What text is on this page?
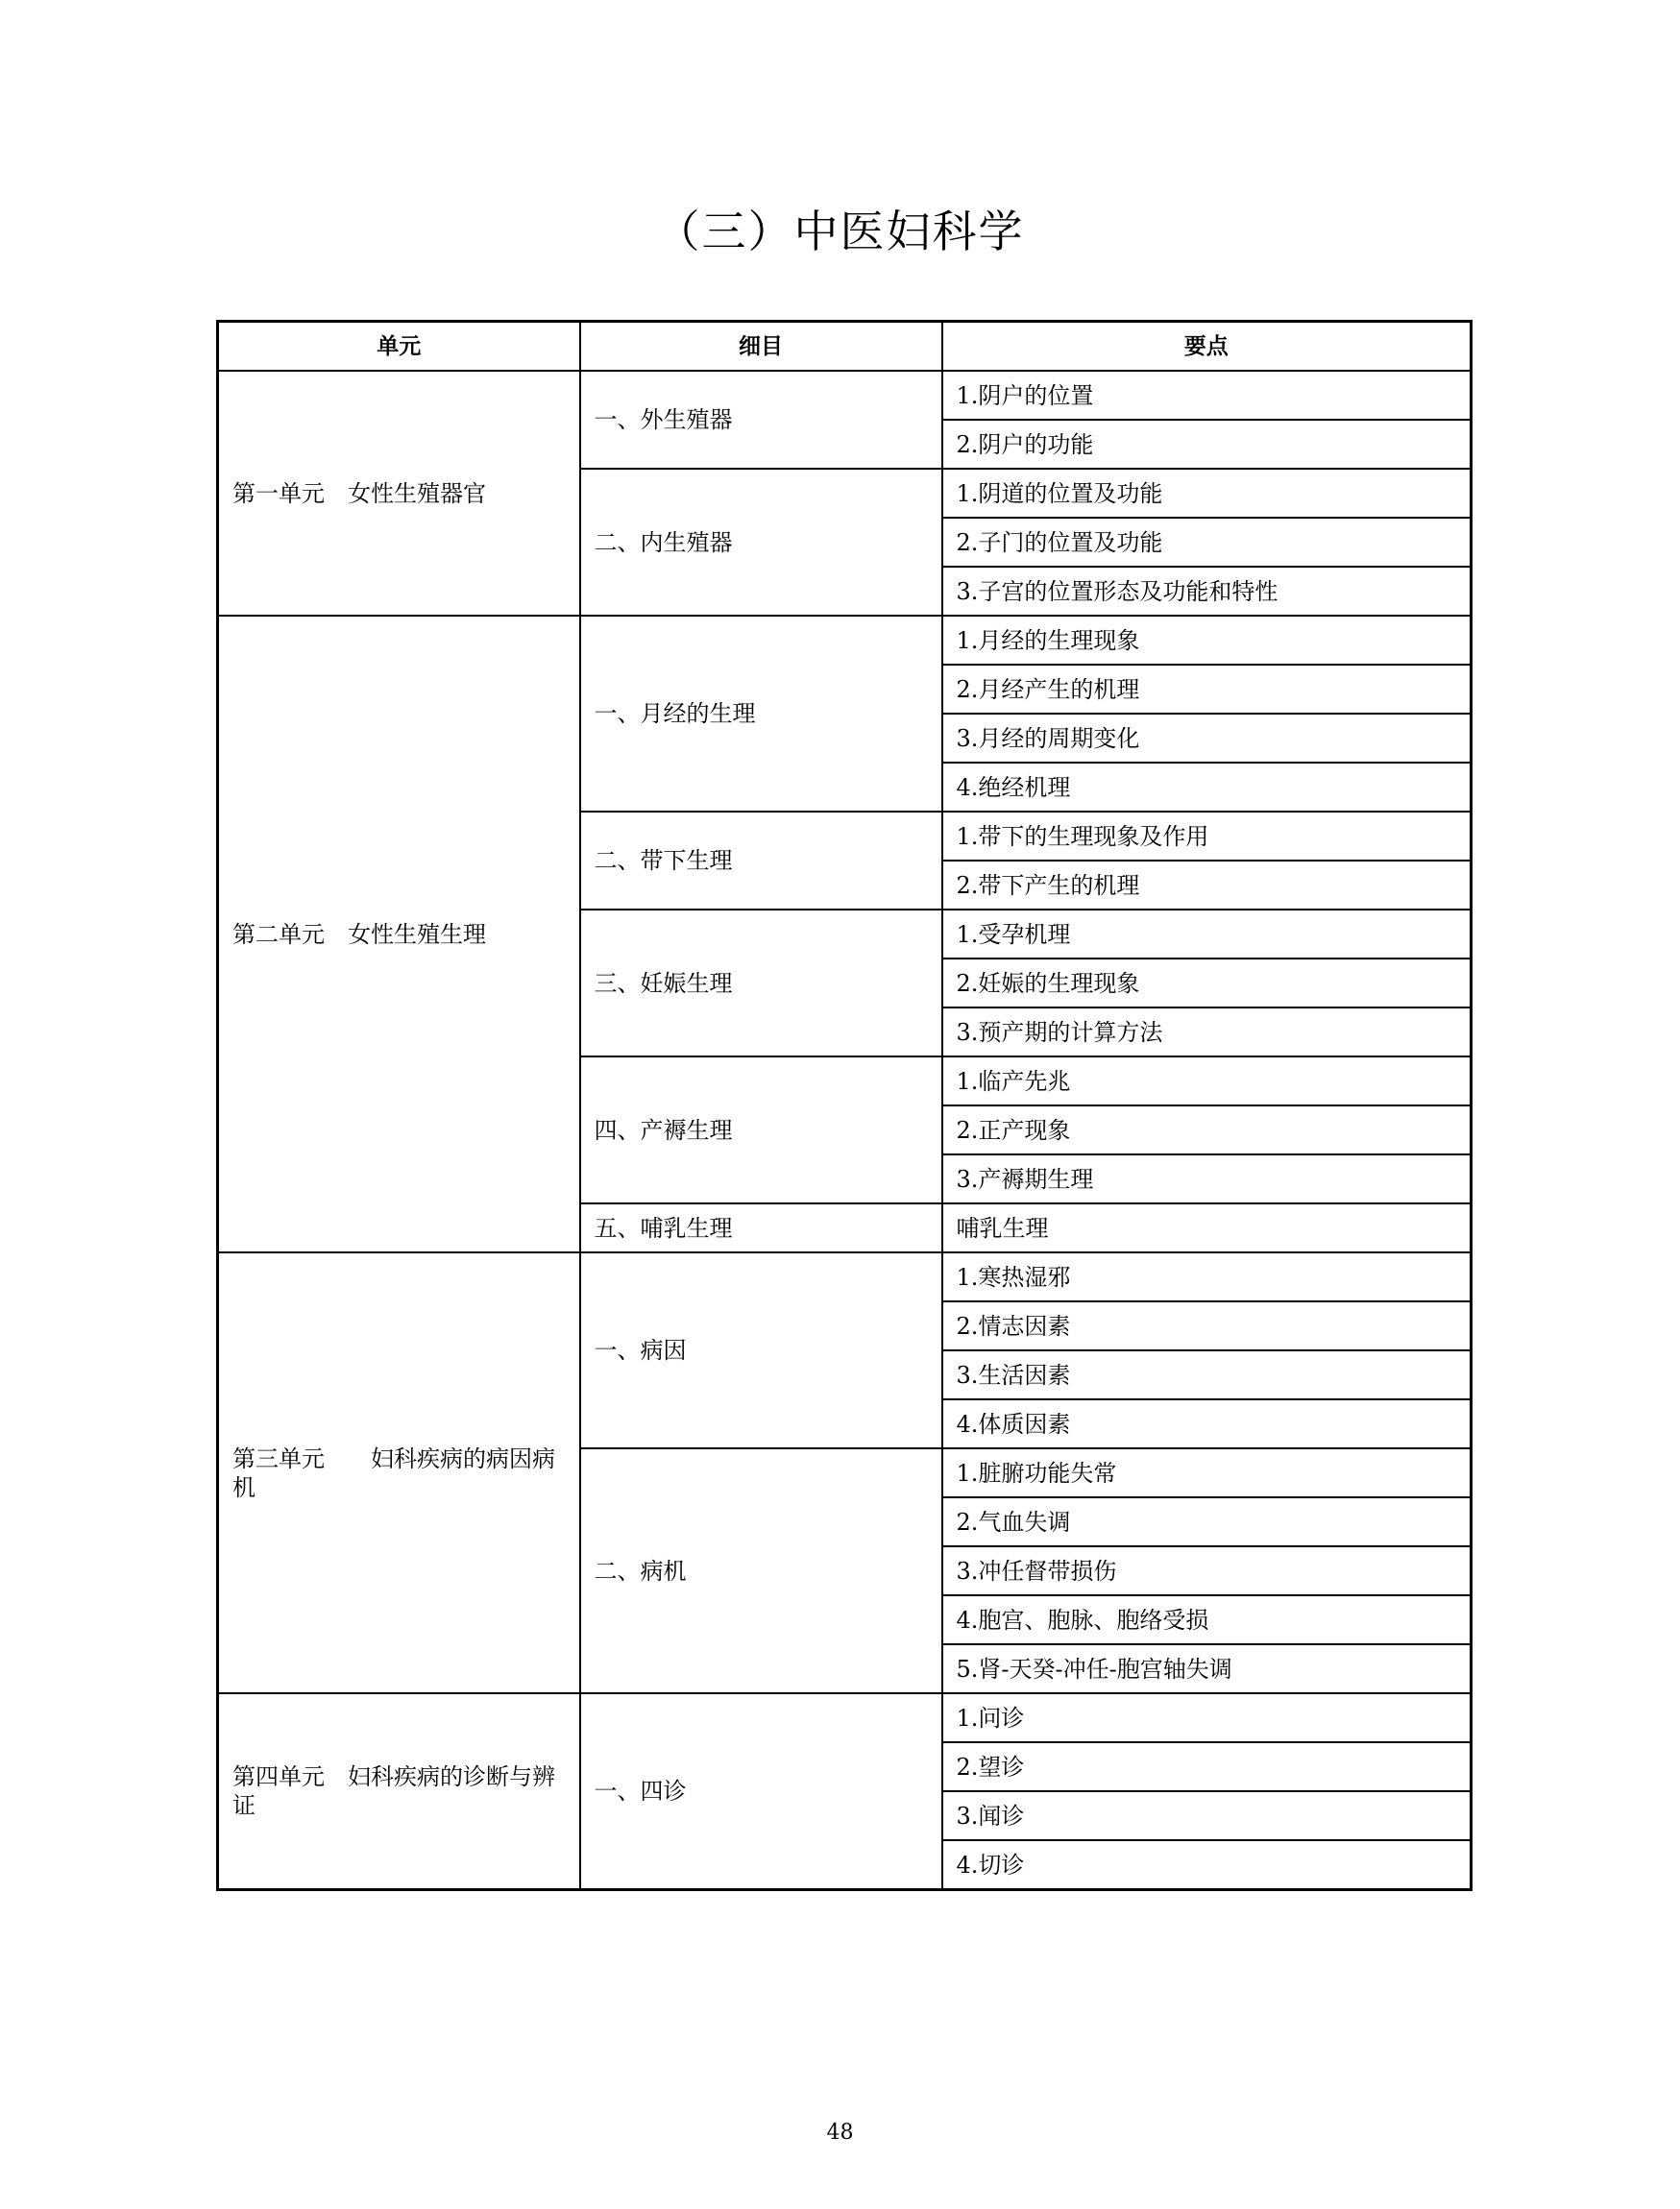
（三）中医妇科学
单元	细目	要点
第一单元　女性生殖器官	一、外生殖器	1.阴户的位置
		2.阴户的功能
	二、内生殖器	1.阴道的位置及功能
		2.子门的位置及功能
		3.子宫的位置形态及功能和特性
第二单元　女性生殖生理	一、月经的生理	1.月经的生理现象
		2.月经产生的机理
		3.月经的周期变化
		4.绝经机理
	二、带下生理	1.带下的生理现象及作用
		2.带下产生的机理
	三、妊娠生理	1.受孕机理
		2.妊娠的生理现象
		3.预产期的计算方法
	四、产褥生理	1.临产先兆
		2.正产现象
		3.产褥期生理
	五、哺乳生理	哺乳生理
第三单元　　妇科疾病的病因病机	一、病因	1.寒热湿邪
		2.情志因素
		3.生活因素
		4.体质因素
	二、病机	1.脏腑功能失常
		2.气血失调
		3.冲任督带损伤
		4.胞宫、胞脉、胞络受损
		5.肾-天癸-冲任-胞宫轴失调
第四单元　妇科疾病的诊断与辨证	一、四诊	1.问诊
		2.望诊
		3.闻诊
		4.切诊
48
